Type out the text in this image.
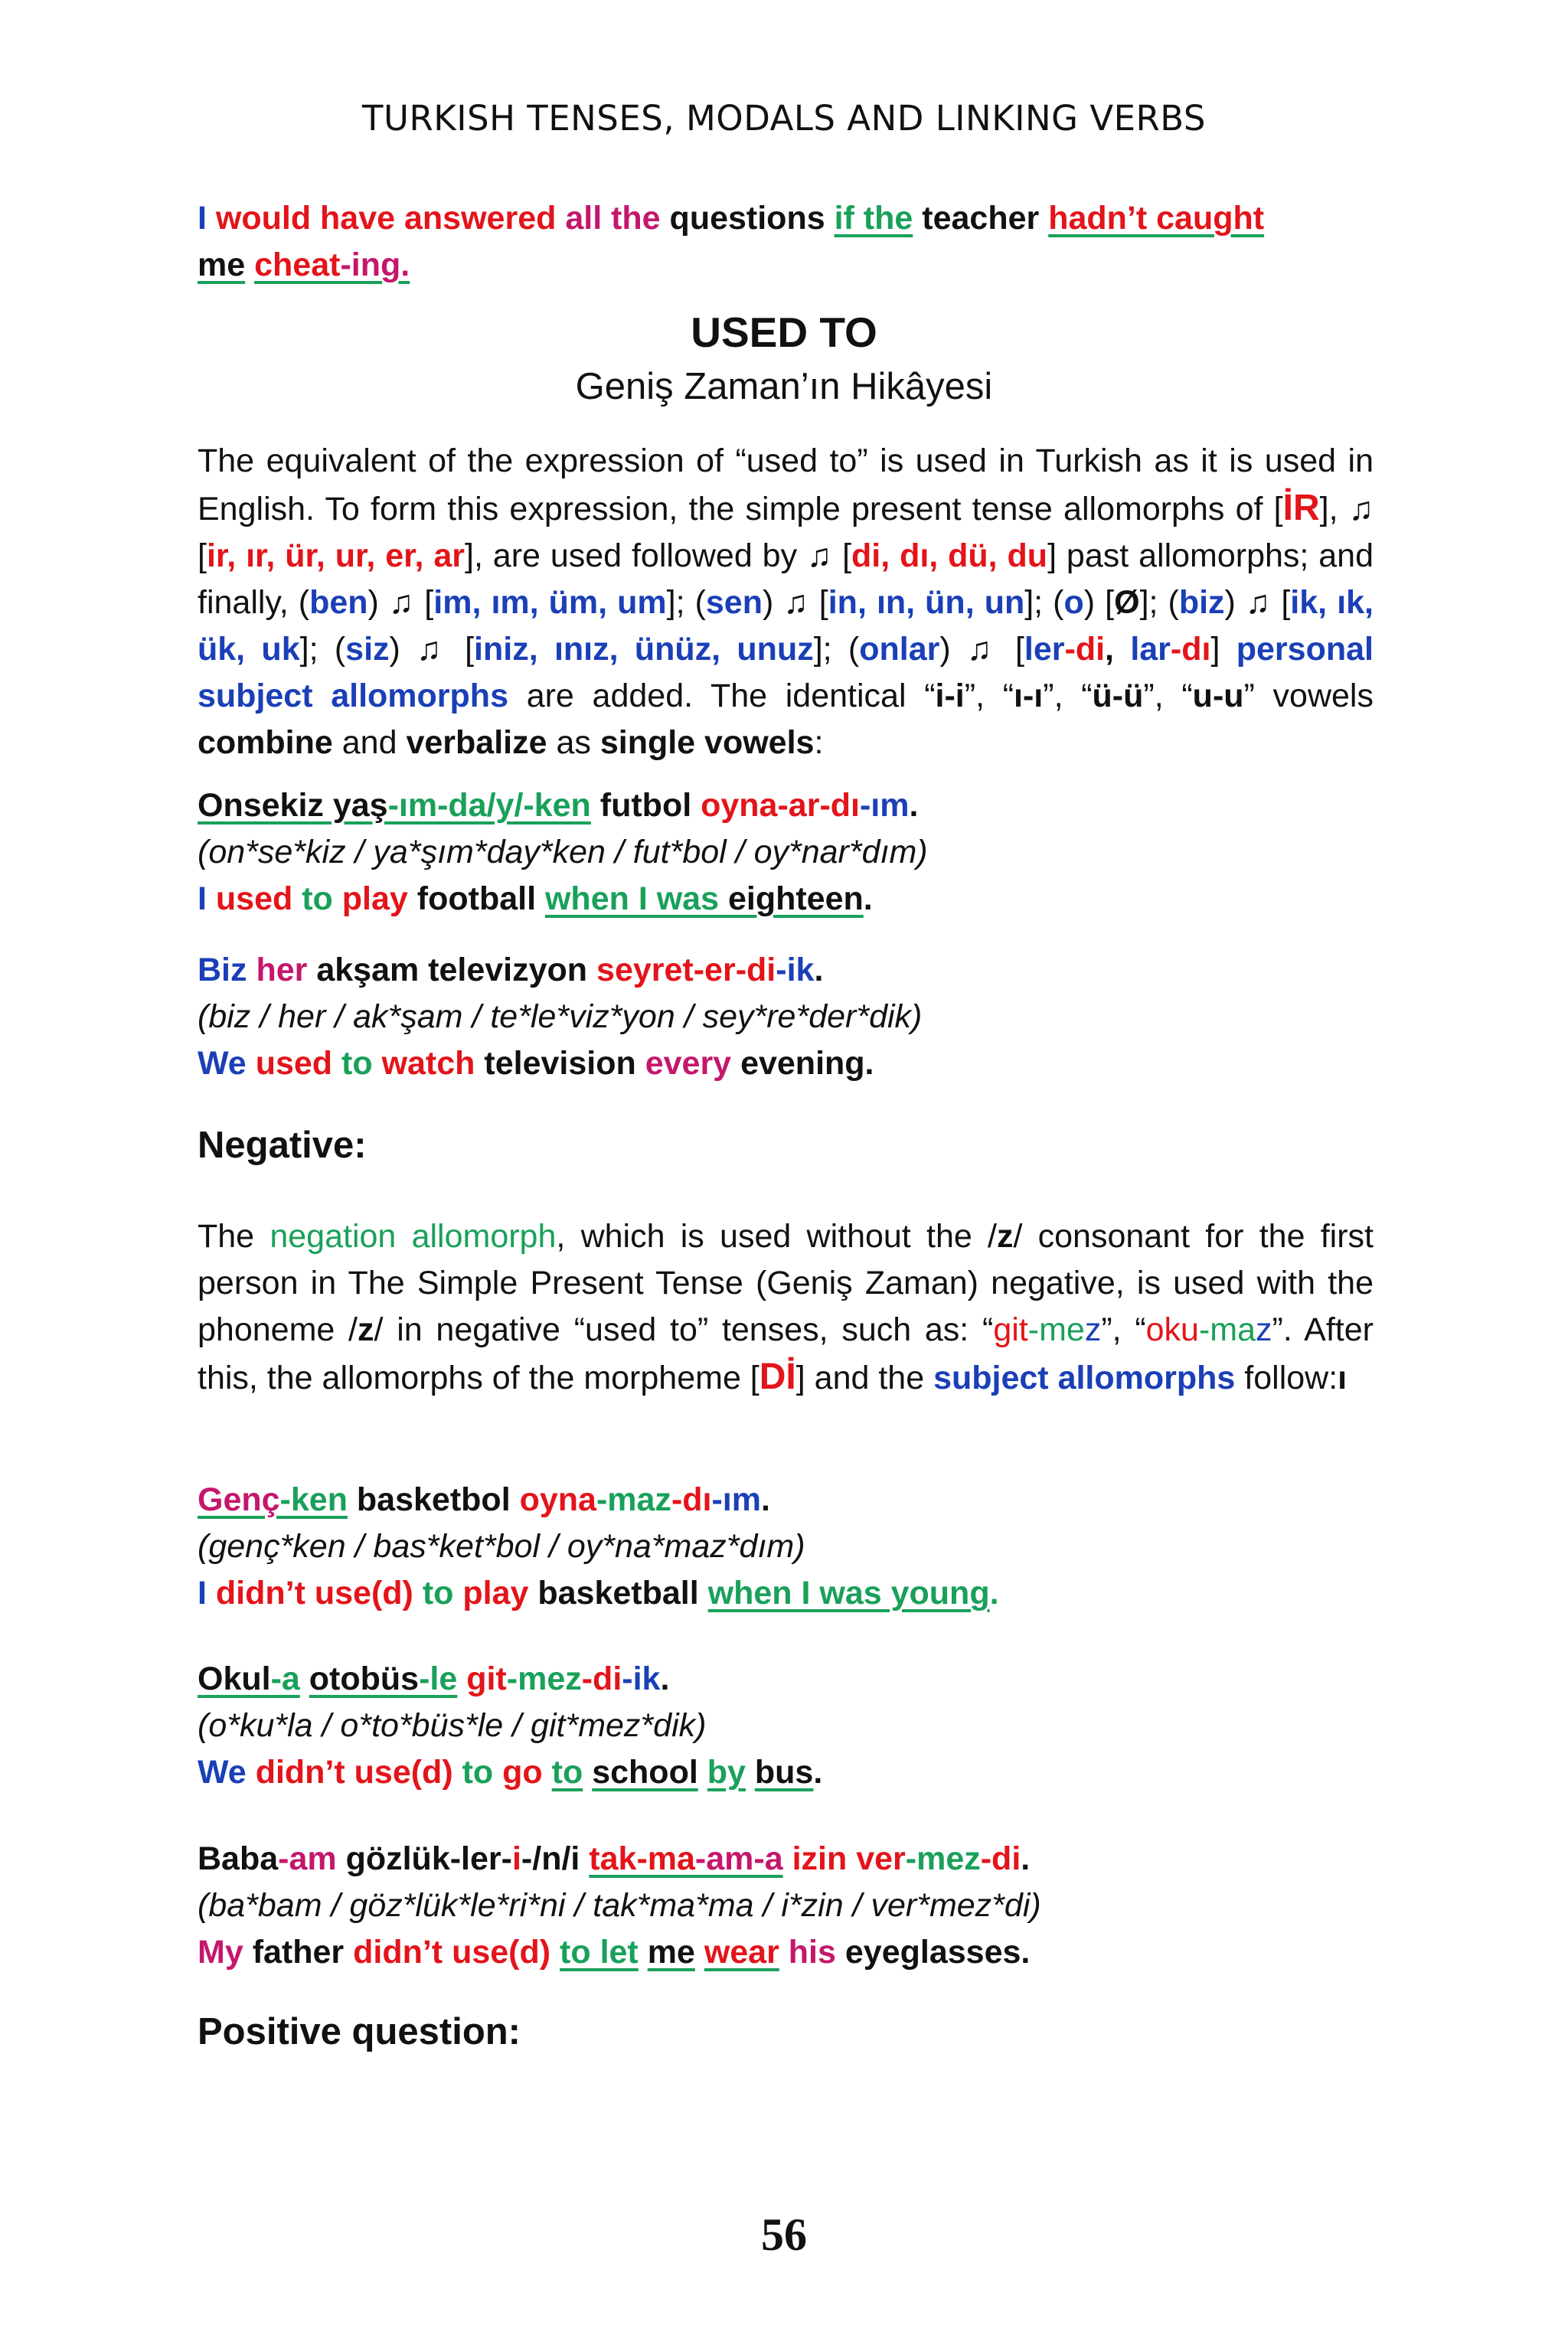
TURKISH TENSES, MODALS AND LINKING VERBS
I would have answered all the questions if the teacher hadn’t caught
me cheat-ing.
USED TO
Geniş Zaman’ın Hikâyesi
The equivalent of the expression of “used to” is used in Turkish as it is used in English. To form this expression, the simple present tense allomorphs of [İR], ♫ [ir, ır, ür, ur, er, ar], are used followed by ♫ [di, dı, dü, du] past allomorphs; and finally, (ben) ♫ [im, ım, üm, um]; (sen) ♫ [in, ın, ün, un]; (o) [Ø]; (biz) ♫ [ik, ık, ük, uk]; (siz) ♫ [iniz, ınız, ünüz, unuz]; (onlar) ♫ [ler-di, lar-dı] personal subject allomorphs are added. The identical “i-i”, “ı-ı”, “ü-ü”, “u-u” vowels combine and verbalize as single vowels:
Onsekiz yaş-ım-da/y/-ken futbol oyna-ar-dı-ım.
(on*se*kiz / ya*şım*day*ken / fut*bol / oy*nar*dım)
I used to play football when I was eighteen.
Biz her akşam televizyon seyret-er-di-ik.
(biz / her / ak*şam / te*le*viz*yon / sey*re*der*dik)
We used to watch television every evening.
Negative:
The negation allomorph, which is used without the /z/ consonant for the first person in The Simple Present Tense (Geniş Zaman) negative, is used with the phoneme /z/ in negative “used to” tenses, such as: “git-mez”, “oku-maz”. After this, the allomorphs of the morpheme [Dİ] and the subject allomorphs follow:ı
Genç-ken basketbol oyna-maz-dı-ım.
(genç*ken / bas*ket*bol / oy*na*maz*dım)
I didn’t use(d) to play basketball when I was young.
Okul-a otobüs-le git-mez-di-ik.
(o*ku*la / o*to*büs*le / git*mez*dik)
We didn’t use(d) to go to school by bus.
Baba-am gözlük-ler-i-/n/i tak-ma-am-a izin ver-mez-di.
(ba*bam / göz*lük*le*ri*ni / tak*ma*ma / i*zin / ver*mez*di)
My father didn’t use(d) to let me wear his eyeglasses.
Positive question:
56
